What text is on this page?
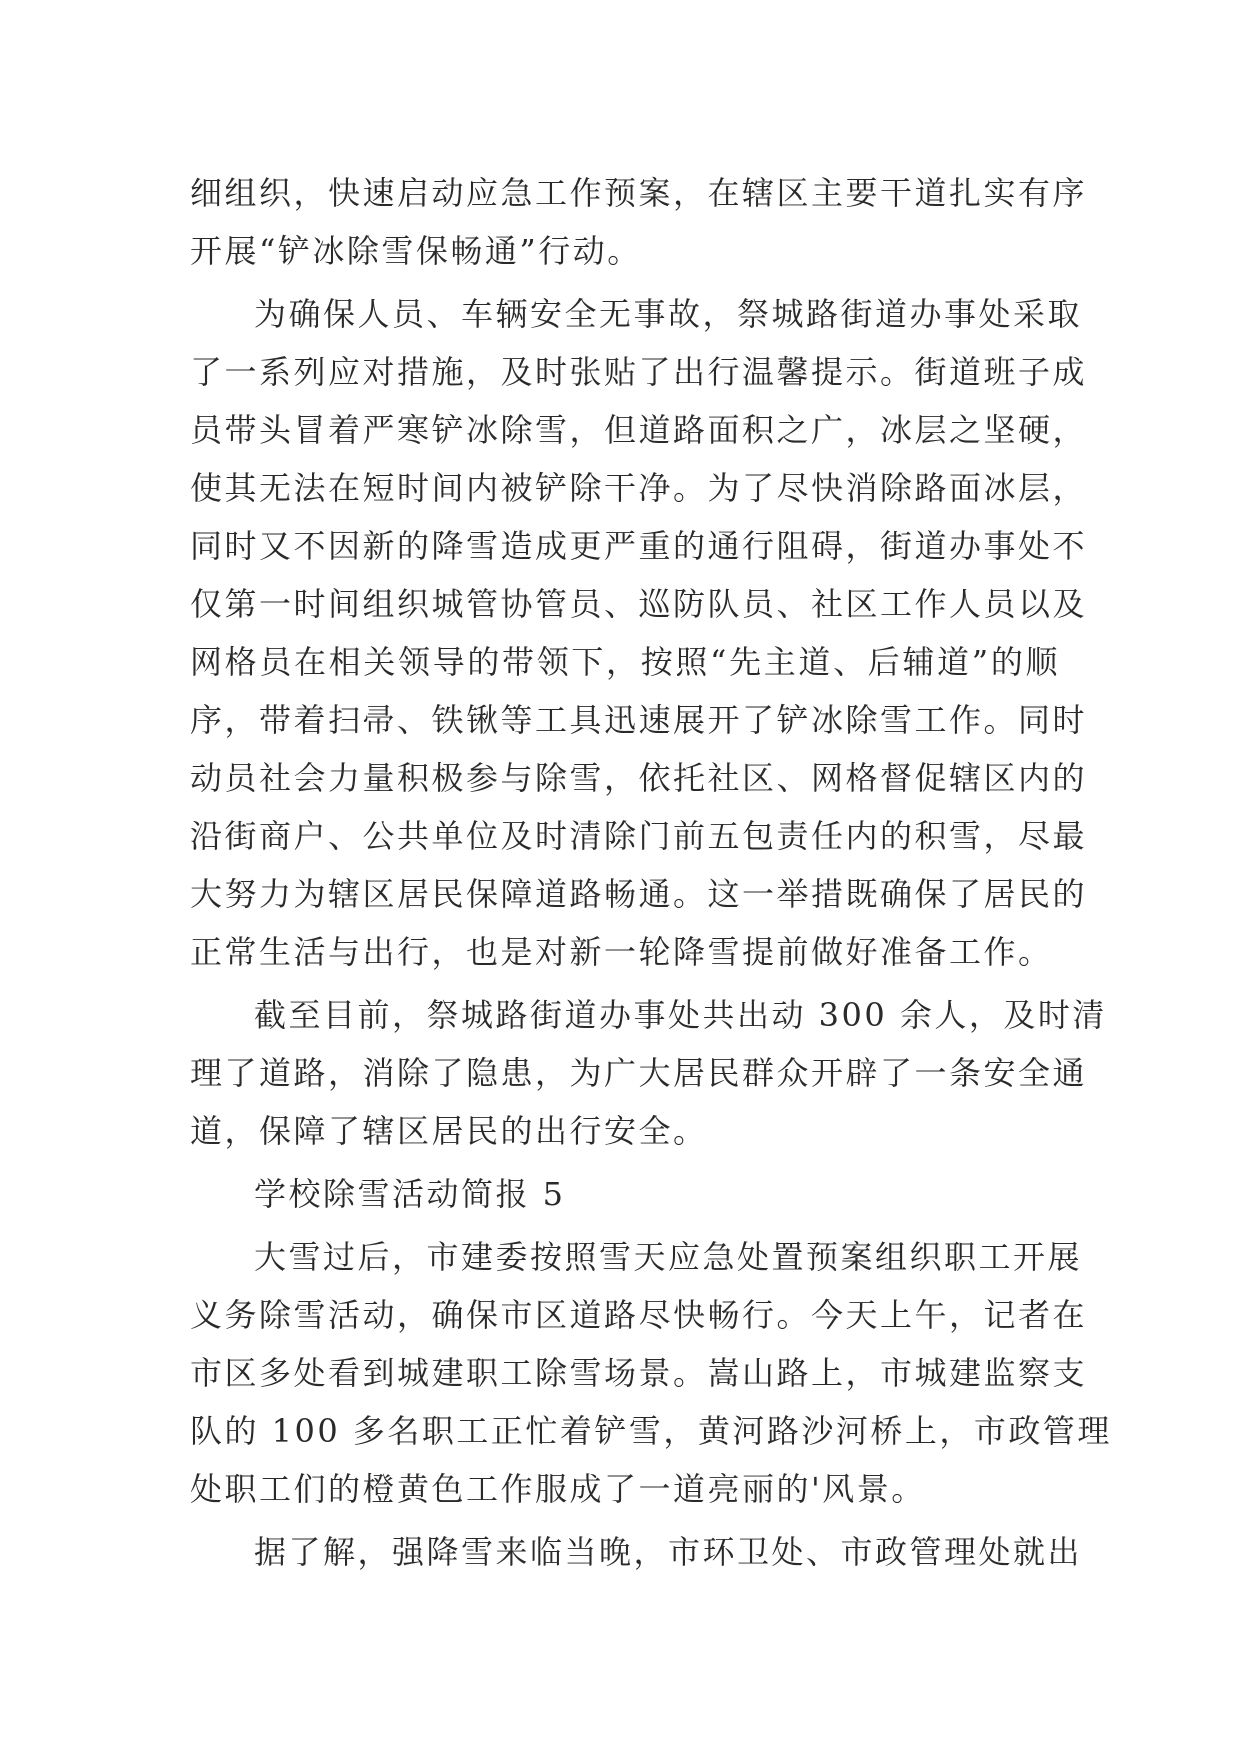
细组织，快速启动应急工作预案，在辖区主要干道扎实有序
开展“铲冰除雪保畅通”行动。
为确保人员、车辆安全无事故，祭城路街道办事处采取
了一系列应对措施，及时张贴了出行温馨提示。街道班子成
员带头冒着严寒铲冰除雪，但道路面积之广，冰层之坚硬，
使其无法在短时间内被铲除干净。为了尽快消除路面冰层，
同时又不因新的降雪造成更严重的通行阻碍，街道办事处不
仅第一时间组织城管协管员、巡防队员、社区工作人员以及
网格员在相关领导的带领下，按照“先主道、后辅道”的顺
序，带着扫帚、铁锹等工具迅速展开了铲冰除雪工作。同时
动员社会力量积极参与除雪，依托社区、网格督促辖区内的
沿街商户、公共单位及时清除门前五包责任内的积雪，尽最
大努力为辖区居民保障道路畅通。这一举措既确保了居民的
正常生活与出行，也是对新一轮降雪提前做好准备工作。
截至目前，祭城路街道办事处共出动 300 余人，及时清
理了道路，消除了隐患，为广大居民群众开辟了一条安全通
道，保障了辖区居民的出行安全。
学校除雪活动简报 5
大雪过后，市建委按照雪天应急处置预案组织职工开展
义务除雪活动，确保市区道路尽快畅行。今天上午，记者在
市区多处看到城建职工除雪场景。嵩山路上，市城建监察支
队的 100 多名职工正忙着铲雪，黄河路沙河桥上，市政管理
处职工们的橙黄色工作服成了一道亮丽的'风景。
据了解，强降雪来临当晚，市环卫处、市政管理处就出
